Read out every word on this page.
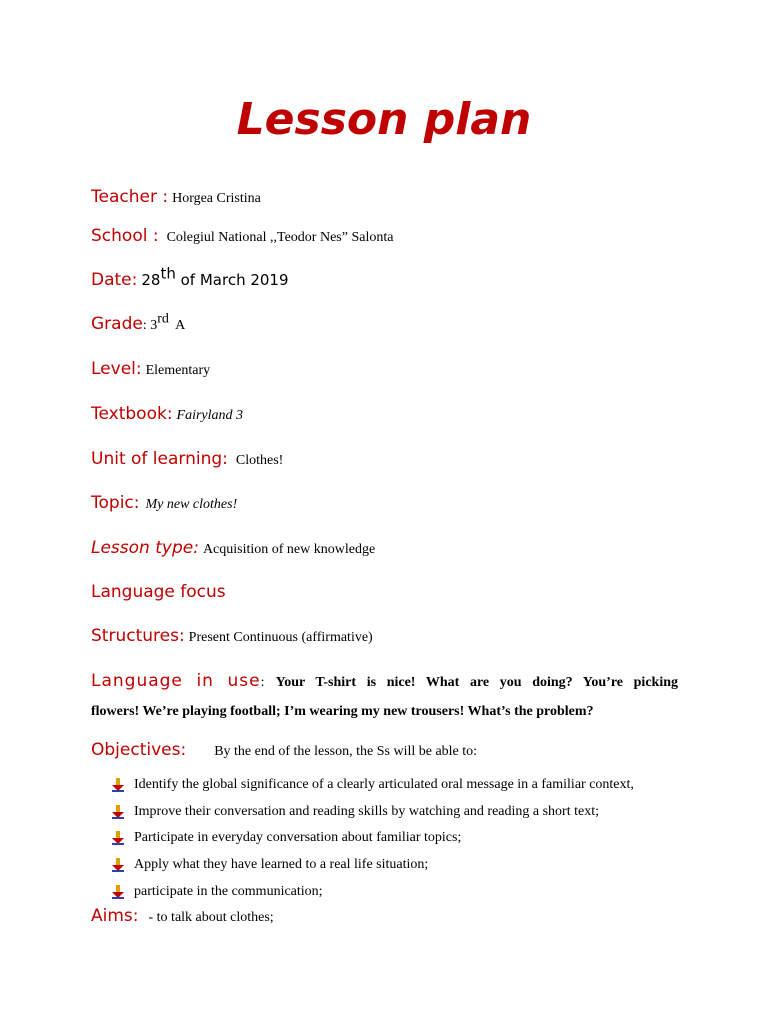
Lesson plan
Teacher : Horgea Cristina
School : Colegiul National ,,Teodor Nes” Salonta
Date: 28th of March 2019
Grade: 3rd  A
Level: Elementary
Textbook: Fairyland 3
Unit of learning: Clothes!
Topic: My new clothes!
Lesson type: Acquisition of new knowledge
Language focus
Structures: Present Continuous (affirmative)
Language in use: Your T-shirt is nice! What are you doing? You’re picking
flowers! We’re playing football; I’m wearing my new trousers! What’s the problem?
Objectives: By the end of the lesson, the Ss will be able to:
Identify the global significance of a clearly articulated oral message in a familiar context,
Improve their conversation and reading skills by watching and reading a short text;
Participate in everyday conversation about familiar topics;
Apply what they have learned to a real life situation;
participate in the communication;
Aims: - to talk about clothes;
